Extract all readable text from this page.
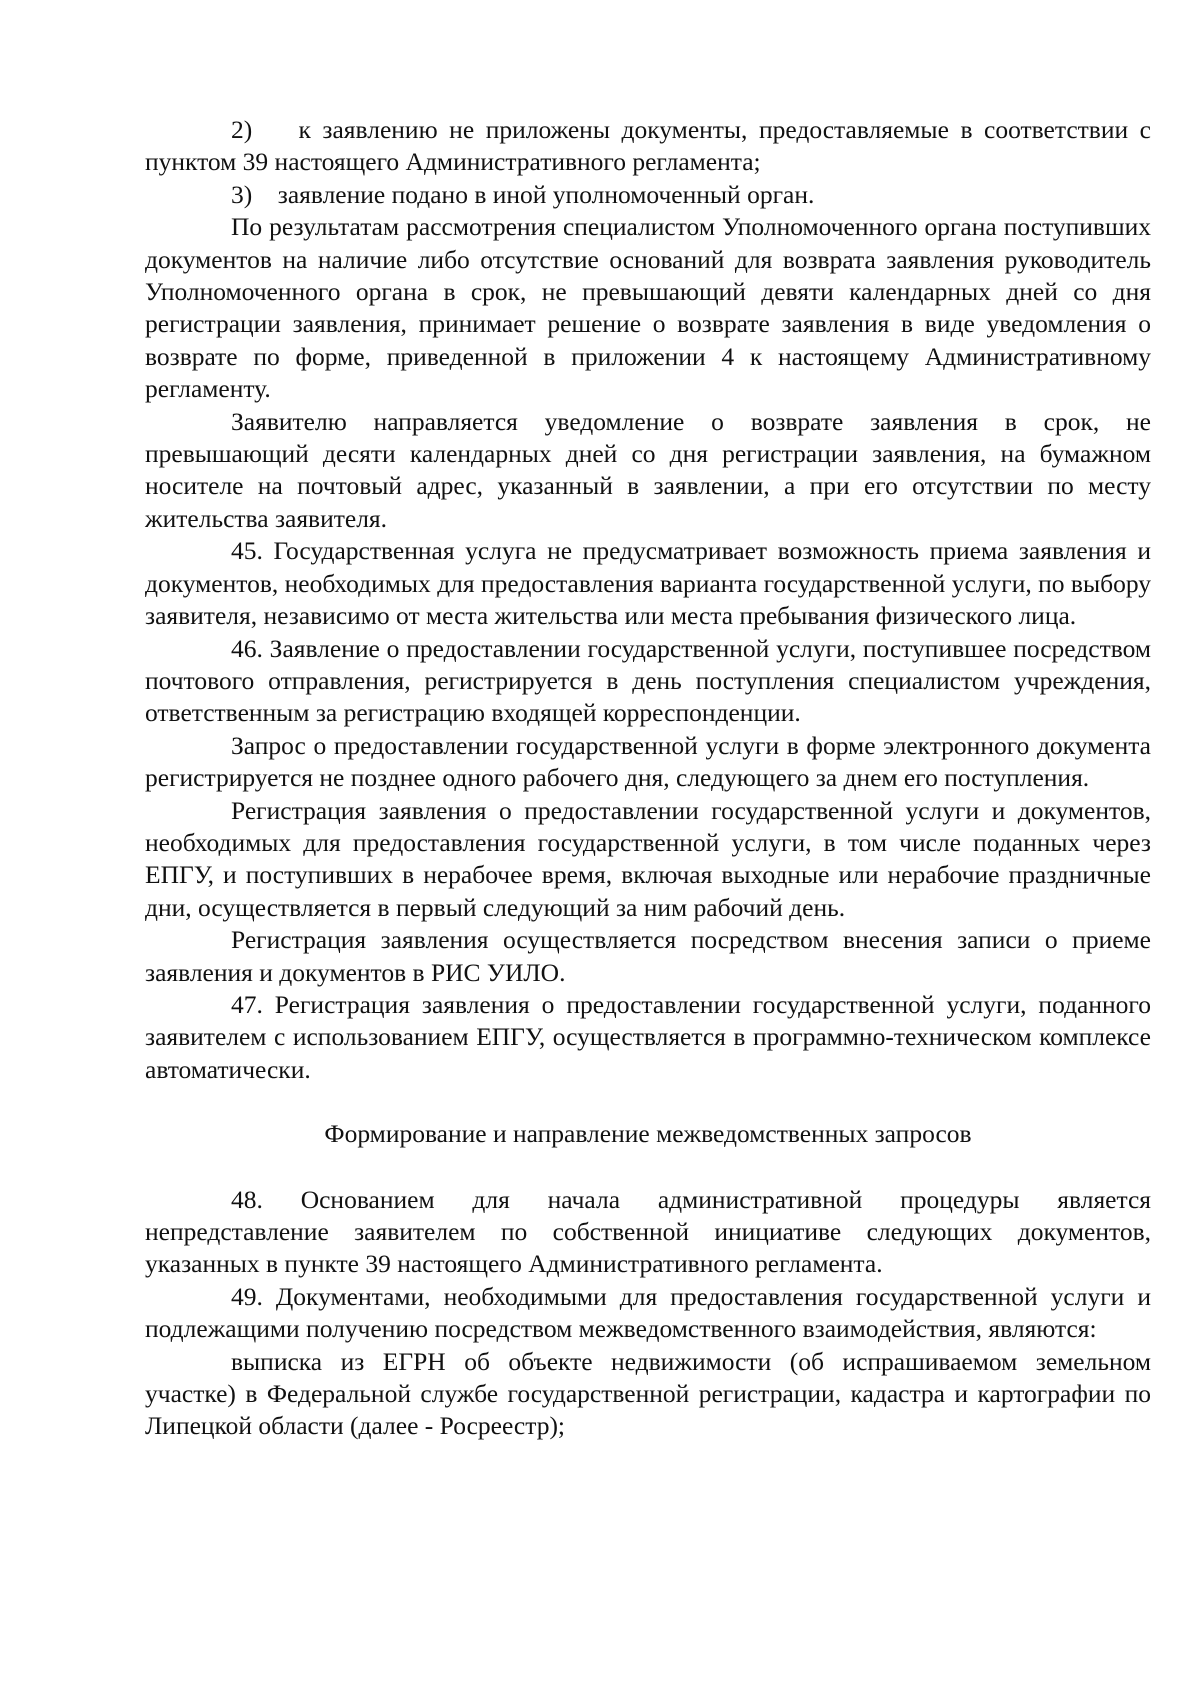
2)    к заявлению не приложены документы, предоставляемые в соответствии с пунктом 39 настоящего Административного регламента;

3)    заявление подано в иной уполномоченный орган.

По результатам рассмотрения специалистом Уполномоченного органа поступивших документов на наличие либо отсутствие оснований для возврата заявления руководитель Уполномоченного органа в срок, не превышающий девяти календарных дней со дня регистрации заявления, принимает решение о возврате заявления в виде уведомления о возврате по форме, приведенной в приложении 4 к настоящему Административному регламенту.

Заявителю направляется уведомление о возврате заявления в срок, не превышающий десяти календарных дней со дня регистрации заявления, на бумажном носителе на почтовый адрес, указанный в заявлении, а при его отсутствии по месту жительства заявителя.

45. Государственная услуга не предусматривает возможность приема заявления и документов, необходимых для предоставления варианта государственной услуги, по выбору заявителя, независимо от места жительства или места пребывания физического лица.

46. Заявление о предоставлении государственной услуги, поступившее посредством почтового отправления, регистрируется в день поступления специалистом учреждения, ответственным за регистрацию входящей корреспонденции.

Запрос о предоставлении государственной услуги в форме электронного документа регистрируется не позднее одного рабочего дня, следующего за днем его поступления.

Регистрация заявления о предоставлении государственной услуги и документов, необходимых для предоставления государственной услуги, в том числе поданных через ЕПГУ, и поступивших в нерабочее время, включая выходные или нерабочие праздничные дни, осуществляется в первый следующий за ним рабочий день.

Регистрация заявления осуществляется посредством внесения записи о приеме заявления и документов в РИС УИЛО.

47. Регистрация заявления о предоставлении государственной услуги, поданного заявителем с использованием ЕПГУ, осуществляется в программно-техническом комплексе автоматически.

Формирование и направление межведомственных запросов

48. Основанием для начала административной процедуры является непредставление заявителем по собственной инициативе следующих документов, указанных в пункте 39 настоящего Административного регламента.

49. Документами, необходимыми для предоставления государственной услуги и подлежащими получению посредством межведомственного взаимодействия, являются:

выписка из ЕГРН об объекте недвижимости (об испрашиваемом земельном участке) в Федеральной службе государственной регистрации, кадастра и картографии по Липецкой области (далее - Росреестр);
